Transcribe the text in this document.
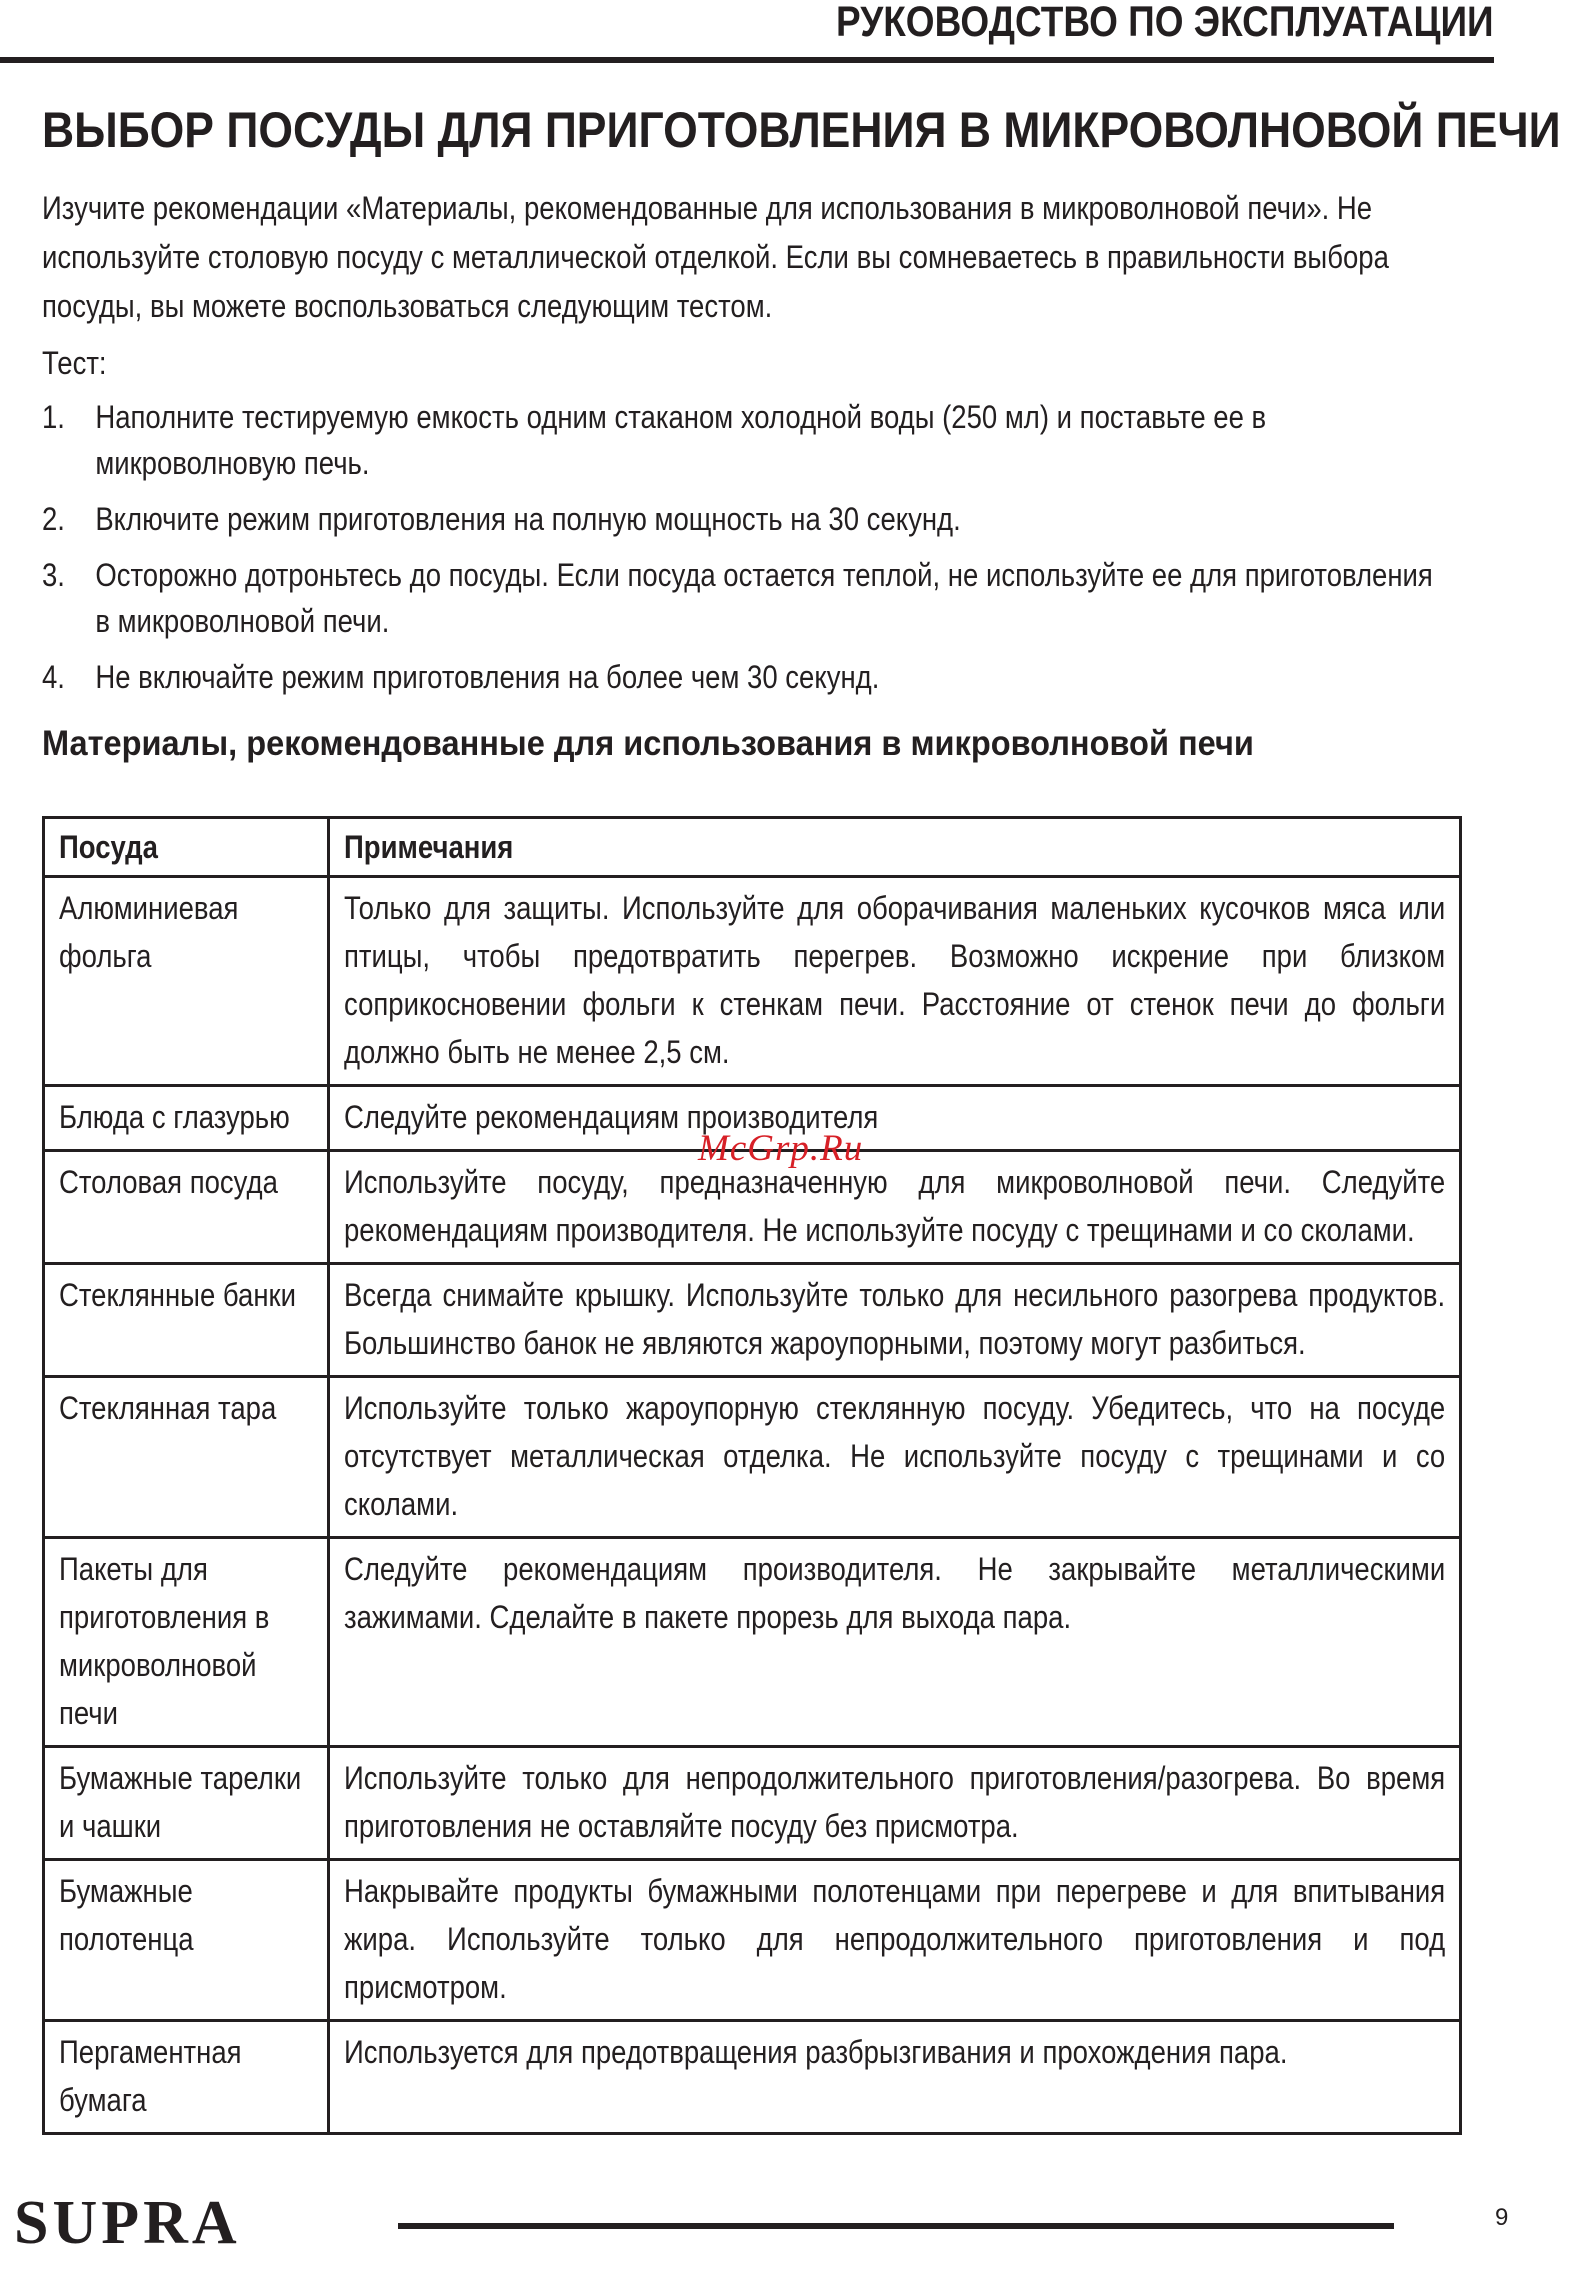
РУКОВОДСТВО ПО ЭКСПЛУАТАЦИИ
ВЫБОР ПОСУДЫ ДЛЯ ПРИГОТОВЛЕНИЯ В МИКРОВОЛНОВОЙ ПЕЧИ

Изучите рекомендации «Материалы, рекомендованные для использования в микроволновой печи». Не используйте столовую посуду с металлической отделкой. Если вы сомневаетесь в правильности выбора посуды, вы можете воспользоваться следующим тестом.

Тест:

1. Наполните тестируемую емкость одним стаканом холодной воды (250 мл) и поставьте ее в микроволновую печь.
2. Включите режим приготовления на полную мощность на 30 секунд.
3. Осторожно дотроньтесь до посуды. Если посуда остается теплой, не используйте ее для приготовления в микроволновой печи.
4. Не включайте режим приготовления на более чем 30 секунд.
Материалы, рекомендованные для использования в микроволновой печи
Посуда	Примечания

Алюминиевая фольга	Только для защиты. Используйте для оборачивания маленьких кусочков мяса или птицы, чтобы предотвратить перегрев. Возможно искрение при близком соприкосновении фольги к стенкам печи. Расстояние от стенок печи до фольги должно быть не менее 2,5 см.

Блюда с глазурью	Следуйте рекомендациям производителя

Столовая посуда	Используйте посуду, предназначенную для микроволновой печи. Следуйте рекомендациям производителя. Не используйте посуду с трещинами и со сколами.

Стеклянные банки	Всегда снимайте крышку. Используйте только для несильного разогрева продуктов. Большинство банок не являются жароупорными, поэтому могут разбиться.

Стеклянная тара	Используйте только жароупорную стеклянную посуду. Убедитесь, что на посуде отсутствует металлическая отделка. Не используйте посуду с трещинами и со сколами.

Пакеты для приготовления в микроволновой печи	Следуйте рекомендациям производителя. Не закрывайте металлическими зажимами. Сделайте в пакете прорезь для выхода пара.

Бумажные тарелки и чашки	Используйте только для непродолжительного приготовления/разогрева. Во время приготовления не оставляйте посуду без присмотра.

Бумажные полотенца	Накрывайте продукты бумажными полотенцами при перегреве и для впитывания жира. Используйте только для непродолжительного приготовления и под присмотром.

Пергаментная бумага	Используется для предотвращения разбрызгивания и прохождения пара.
McGrp.Ru
SUPRA	9
